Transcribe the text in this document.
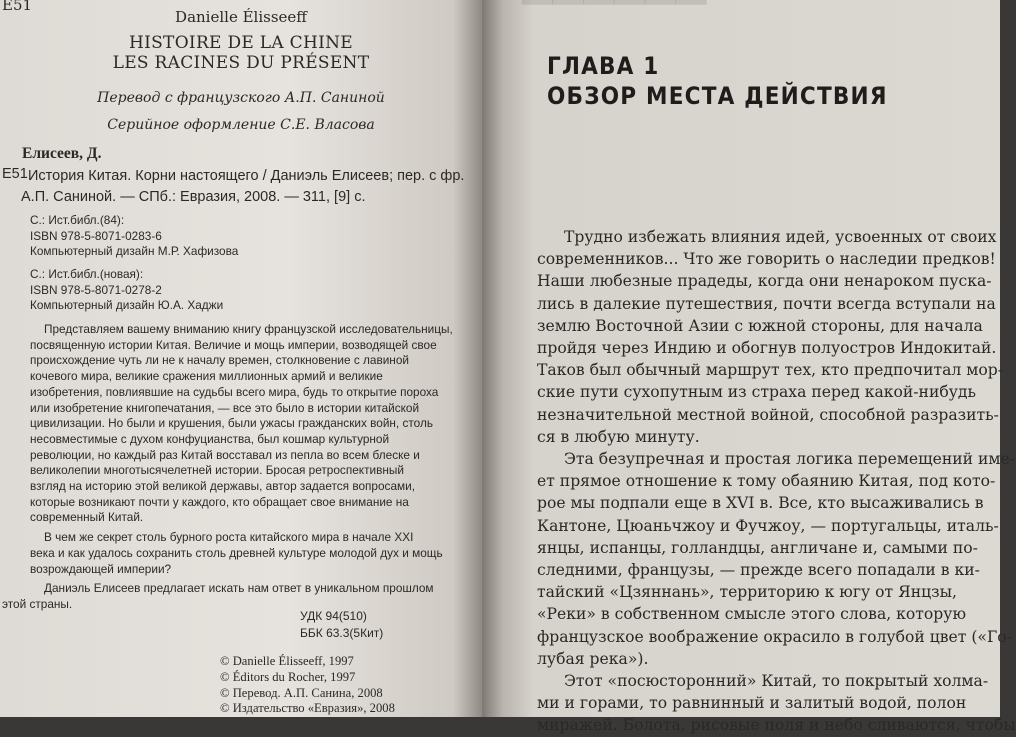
Е51
Danielle Élisseeff
HISTOIRE DE LA CHINE
LES RACINES DU PRÉSENT
Перевод с французского А.П. Саниной
Серийное оформление С.Е. Власова
Елисеев, Д.
Е51 История Китая. Корни настоящего / Даниэль Елисеев; пер. с фр.
А.П. Саниной. — СПб.: Евразия, 2008. — 311, [9] с.
С.: Ист.библ.(84):
ISBN 978-5-8071-0283-6
Компьютерный дизайн М.Р. Хафизова
С.: Ист.библ.(новая):
ISBN 978-5-8071-0278-2
Компьютерный дизайн Ю.А. Хаджи
Представляем вашему вниманию книгу французской исследовательницы,
посвященную истории Китая. Величие и мощь империи, возводящей свое
происхождение чуть ли не к началу времен, столкновение с лавиной
кочевого мира, великие сражения миллионных армий и великие
изобретения, повлиявшие на судьбы всего мира, будь то открытие пороха
или изобретение книгопечатания, — все это было в истории китайской
цивилизации. Но были и крушения, были ужасы гражданских войн, столь
несовместимые с духом конфуцианства, был кошмар культурной
революции, но каждый раз Китай восставал из пепла во всем блеске и
великолепии многотысячелетней истории. Бросая ретроспективный
взгляд на историю этой великой державы, автор задается вопросами,
которые возникают почти у каждого, кто обращает свое внимание на
современный Китай.
В чем же секрет столь бурного роста китайского мира в начале XXI
века и как удалось сохранить столь древней культуре молодой дух и мощь
возрождающей империи?
Даниэль Елисеев предлагает искать нам ответ в уникальном прошлом
этой страны.
УДК 94(510)
ББК 63.3(5Кит)
© Danielle Élisseeff, 1997
© Éditors du Rocher, 1997
© Перевод. А.П. Санина, 2008
© Издательство «Евразия», 2008
▔▔▔▔▔▔
ГЛАВА 1
ОБЗОР МЕСТА ДЕЙСТВИЯ
Трудно избежать влияния идей, усвоенных от своих
современников... Что же говорить о наследии предков!
Наши любезные прадеды, когда они ненароком пуска-
лись в далекие путешествия, почти всегда вступали на
землю Восточной Азии с южной стороны, для начала
пройдя через Индию и обогнув полуостров Индокитай.
Таков был обычный маршрут тех, кто предпочитал мор-
ские пути сухопутным из страха перед какой-нибудь
незначительной местной войной, способной разразить-
ся в любую минуту.
Эта безупречная и простая логика перемещений име-
ет прямое отношение к тому обаянию Китая, под кото-
рое мы подпали еще в XVI в. Все, кто высаживались в
Кантоне, Цюаньчжоу и Фучжоу, — португальцы, италь-
янцы, испанцы, голландцы, англичане и, самыми по-
следними, французы, — прежде всего попадали в ки-
тайский «Цзяннань», территорию к югу от Янцзы,
«Реки» в собственном смысле этого слова, которую
французское воображение окрасило в голубой цвет («Го-
лубая река»).
Этот «посюсторонний» Китай, то покрытый холма-
ми и горами, то равнинный и залитый водой, полон
миражей. Болота, рисовые поля и небо сливаются, чтобы
